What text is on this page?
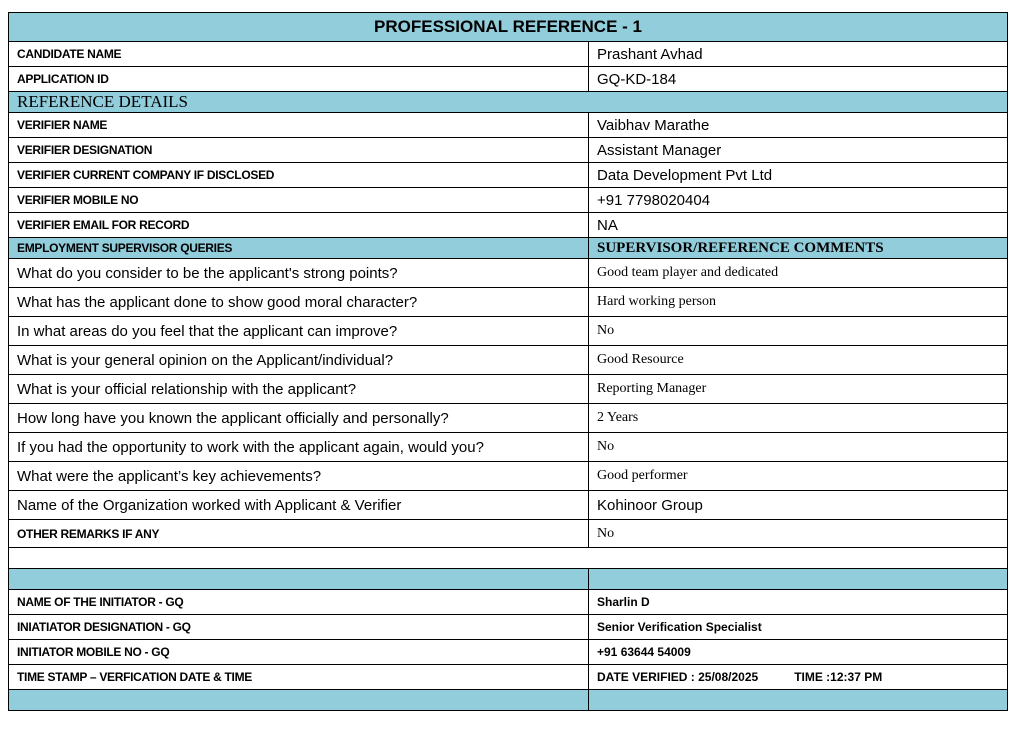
PROFESSIONAL REFERENCE - 1	
CANDIDATE NAME	Prashant Avhad
APPLICATION ID	GQ-KD-184
REFERENCE DETAILS	
VERIFIER NAME	Vaibhav Marathe
VERIFIER DESIGNATION	Assistant Manager
VERIFIER CURRENT COMPANY IF DISCLOSED	Data Development Pvt Ltd
VERIFIER MOBILE NO	+91 7798020404
VERIFIER EMAIL FOR RECORD	NA
EMPLOYMENT SUPERVISOR QUERIES	SUPERVISOR/REFERENCE COMMENTS
What do you consider to be the applicant's strong points?	Good team player and dedicated
What has the applicant done to show good moral character?	Hard working person
In what areas do you feel that the applicant can improve?	No
What is your general opinion on the Applicant/individual?	Good Resource
What is your official relationship with the applicant?	Reporting Manager
How long have you known the applicant officially and personally?	2 Years
If you had the opportunity to work with the applicant again, would you?	No
What were the applicant’s key achievements?	Good performer
Name of the Organization worked with Applicant & Verifier	Kohinoor Group
OTHER REMARKS IF ANY	No

NAME OF THE INITIATOR - GQ	Sharlin D
INIATIATOR DESIGNATION - GQ	Senior Verification Specialist
INITIATOR MOBILE NO - GQ	+91 63644 54009
TIME STAMP – VERFICATION DATE & TIME	DATE VERIFIED : 25/08/2025 TIME :12:37 PM
